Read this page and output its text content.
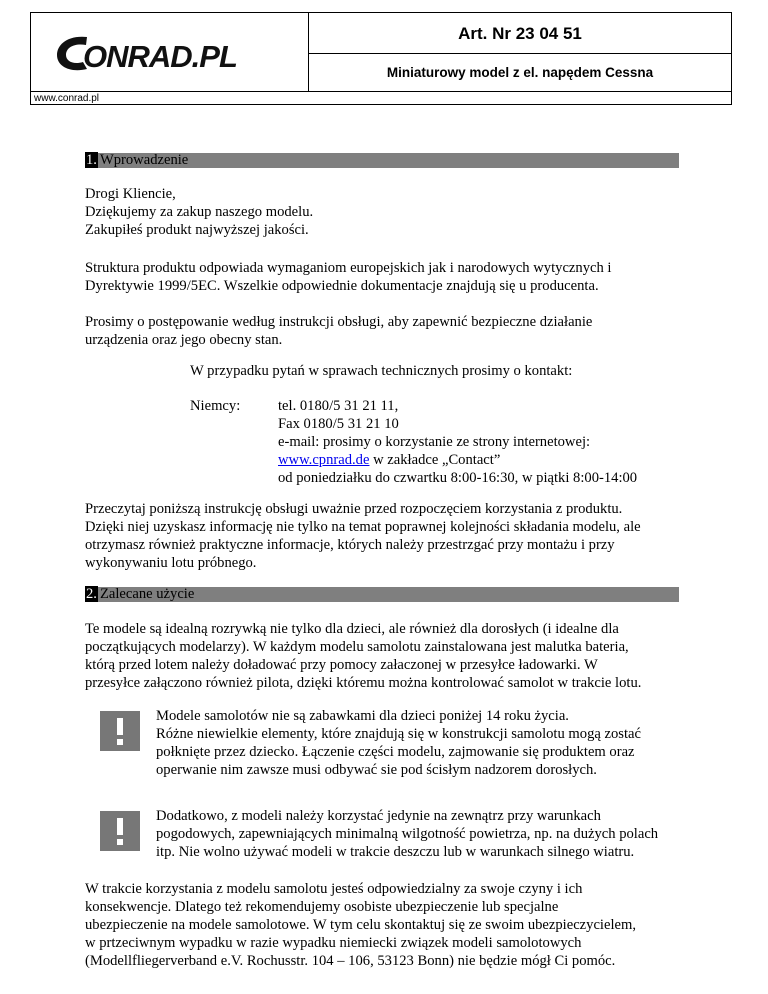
ONRAD.PL
Art. Nr 23 04 51
Miniaturowy model z el. napędem Cessna
www.conrad.pl
1. Wprowadzenie
Drogi Kliencie,
Dziękujemy za zakup naszego modelu.
Zakupiłeś produkt najwyższej jakości.
Struktura produktu odpowiada wymaganiom europejskich jak i narodowych wytycznych i
Dyrektywie 1999/5EC. Wszelkie odpowiednie dokumentacje znajdują się u producenta.
Prosimy o postępowanie według instrukcji obsługi, aby zapewnić bezpieczne działanie
urządzenia oraz jego obecny stan.
W przypadku pytań w sprawach technicznych prosimy o kontakt:
Niemcy:	tel. 0180/5 31 21 11,
Fax 0180/5 31 21 10
e-mail: prosimy o korzystanie ze strony internetowej:
www.cpnrad.de w zakładce „Contact”
od poniedziałku do czwartku 8:00-16:30, w piątki 8:00-14:00
Przeczytaj poniższą instrukcję obsługi uważnie przed rozpoczęciem korzystania z produktu.
Dzięki niej uzyskasz informację nie tylko na temat poprawnej kolejności składania modelu, ale
otrzymasz również praktyczne informacje, których należy przestrzgać przy montażu i przy
wykonywaniu lotu próbnego.
2. Zalecane użycie
Te modele są idealną rozrywką nie tylko dla dzieci, ale również dla dorosłych (i idealne dla
początkujących modelarzy). W każdym modelu samolotu zainstalowana jest malutka bateria,
którą przed lotem należy doładować przy pomocy załaczonej w przesyłce ładowarki. W
przesyłce załączono również pilota, dzięki któremu można kontrolować samolot w trakcie lotu.
Modele samolotów nie są zabawkami dla dzieci poniżej 14 roku życia.
Różne niewielkie elementy, które znajdują się w konstrukcji samolotu mogą zostać
połknięte przez dziecko. Łączenie części modelu, zajmowanie się produktem oraz
operwanie nim zawsze musi odbywać sie pod ścisłym nadzorem dorosłych.
Dodatkowo, z modeli należy korzystać jedynie na zewnątrz przy warunkach
pogodowych, zapewniających minimalną wilgotność powietrza, np. na dużych polach
itp. Nie wolno używać modeli w trakcie deszczu lub w warunkach silnego wiatru.
W trakcie korzystania z modelu samolotu jesteś odpowiedzialny za swoje czyny i ich
konsekwencje. Dlatego też rekomendujemy osobiste ubezpieczenie lub specjalne
ubezpieczenie na modele samolotowe. W tym celu skontaktuj się ze swoim ubezpieczycielem,
w prtzeciwnym wypadku w razie wypadku niemiecki związek modeli samolotowych
(Modellfliegerverband e.V. Rochusstr. 104 – 106, 53123 Bonn) nie będzie mógł Ci pomóc.
